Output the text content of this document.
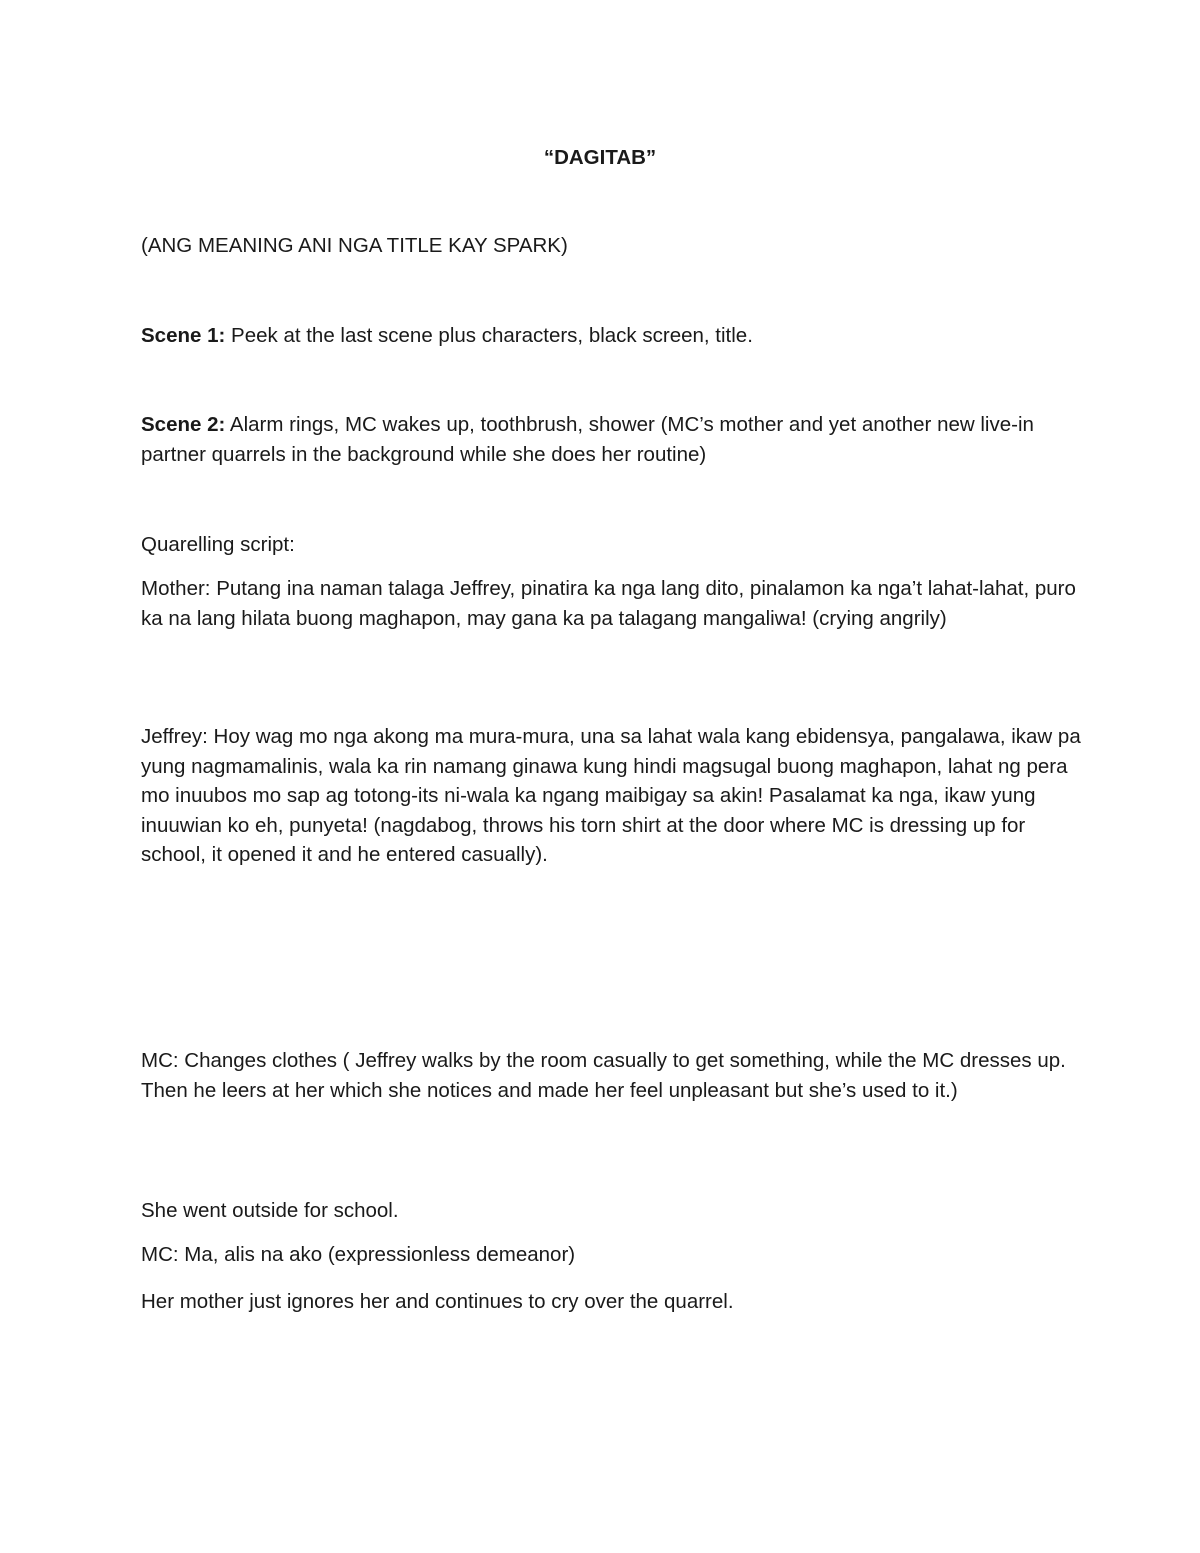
“DAGITAB”

(ANG MEANING ANI NGA TITLE KAY SPARK)

Scene 1: Peek at the last scene plus characters, black screen, title.

Scene 2: Alarm rings, MC wakes up, toothbrush, shower (MC’s mother and yet another new live-in partner quarrels in the background while she does her routine)

Quarelling script:

Mother: Putang ina naman talaga Jeffrey, pinatira ka nga lang dito, pinalamon ka nga’t lahat-lahat, puro ka na lang hilata buong maghapon, may gana ka pa talagang mangaliwa! (crying angrily)

Jeffrey: Hoy wag mo nga akong ma mura-mura, una sa lahat wala kang ebidensya, pangalawa, ikaw pa yung nagmamalinis, wala ka rin namang ginawa kung hindi magsugal buong maghapon, lahat ng pera mo inuubos mo sap ag totong-its ni-wala ka ngang maibigay sa akin! Pasalamat ka nga, ikaw yung inuuwian ko eh, punyeta! (nagdabog, throws his torn shirt at the door where MC is dressing up for school, it opened it and he entered casually).

MC: Changes clothes ( Jeffrey walks by the room casually to get something, while the MC dresses up. Then he leers at her which she notices and made her feel unpleasant but she’s used to it.)

She went outside for school.

MC: Ma, alis na ako (expressionless demeanor)

Her mother just ignores her and continues to cry over the quarrel.
